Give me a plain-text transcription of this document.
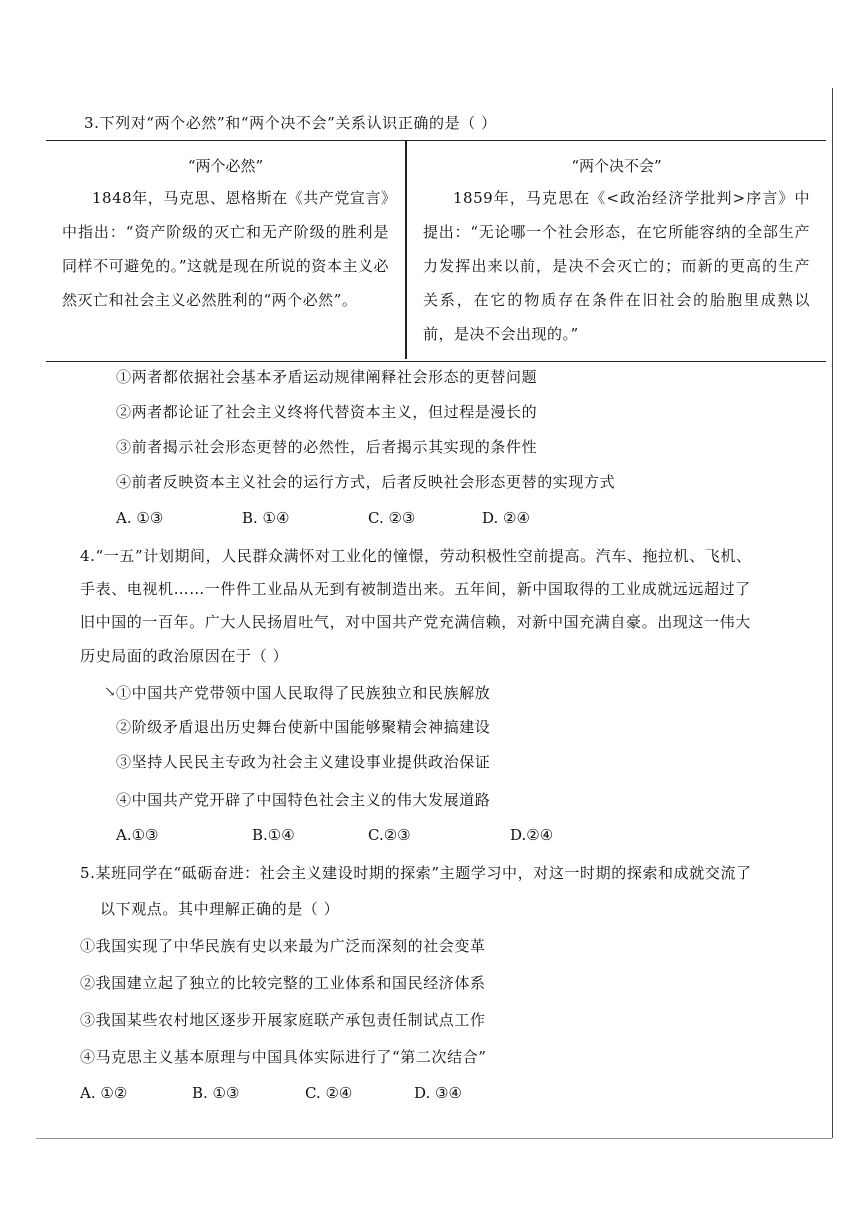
3.下列对“两个必然”和“两个决不会”关系认识正确的是（ ）
“两个必然”
1848年，马克思、恩格斯在《共产党宣言》中指出：“资产阶级的灭亡和无产阶级的胜利是同样不可避免的。”这就是现在所说的资本主义必然灭亡和社会主义必然胜利的“两个必然”。
“两个决不会”
1859年，马克思在《<政治经济学批判>序言》中提出：“无论哪一个社会形态，在它所能容纳的全部生产力发挥出来以前，是决不会灭亡的；而新的更高的生产关系，在它的物质存在条件在旧社会的胎胞里成熟以前，是决不会出现的。”
①两者都依据社会基本矛盾运动规律阐释社会形态的更替问题
②两者都论证了社会主义终将代替资本主义，但过程是漫长的
③前者揭示社会形态更替的必然性，后者揭示其实现的条件性
④前者反映资本主义社会的运行方式，后者反映社会形态更替的实现方式
A. ①③	B. ①④	C. ②③	D. ②④
4.“一五”计划期间，人民群众满怀对工业化的憧憬，劳动积极性空前提高。汽车、拖拉机、飞机、
手表、电视机……一件件工业品从无到有被制造出来。五年间，新中国取得的工业成就远远超过了
旧中国的一百年。广大人民扬眉吐气，对中国共产党充满信赖，对新中国充满自豪。出现这一伟大
历史局面的政治原因在于（ ）
↘ ①中国共产党带领中国人民取得了民族独立和民族解放
②阶级矛盾退出历史舞台使新中国能够聚精会神搞建设
③坚持人民民主专政为社会主义建设事业提供政治保证
④中国共产党开辟了中国特色社会主义的伟大发展道路
A.①③	B.①④	C.②③	D.②④
5.某班同学在“砥砺奋进：社会主义建设时期的探索”主题学习中，对这一时期的探索和成就交流了
以下观点。其中理解正确的是（ ）
①我国实现了中华民族有史以来最为广泛而深刻的社会变革
②我国建立起了独立的比较完整的工业体系和国民经济体系
③我国某些农村地区逐步开展家庭联产承包责任制试点工作
④马克思主义基本原理与中国具体实际进行了“第二次结合”
A. ①②	B. ①③	C. ②④	D. ③④
